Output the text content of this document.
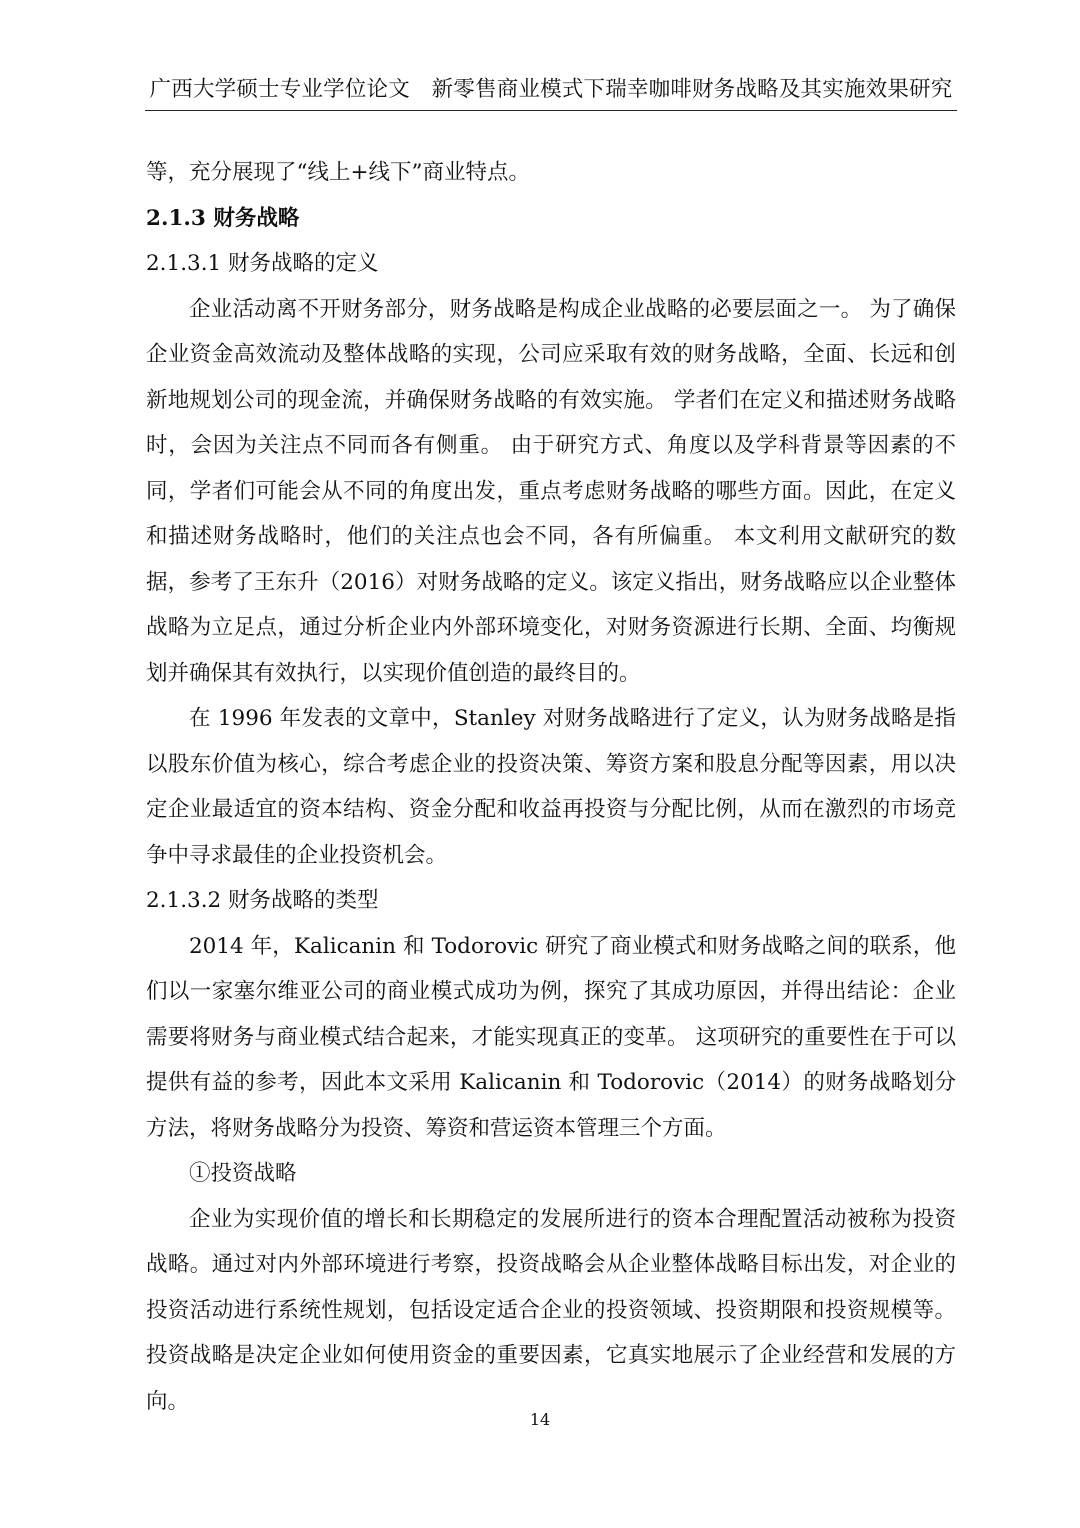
广西大学硕士专业学位论文　新零售商业模式下瑞幸咖啡财务战略及其实施效果研究

等，充分展现了“线上+线下”商业特点。

2.1.3 财务战略

2.1.3.1 财务战略的定义

企业活动离不开财务部分，财务战略是构成企业战略的必要层面之一。 为了确保企业资金高效流动及整体战略的实现，公司应采取有效的财务战略，全面、长远和创新地规划公司的现金流，并确保财务战略的有效实施。 学者们在定义和描述财务战略时，会因为关注点不同而各有侧重。 由于研究方式、角度以及学科背景等因素的不同，学者们可能会从不同的角度出发，重点考虑财务战略的哪些方面。因此，在定义和描述财务战略时，他们的关注点也会不同，各有所偏重。 本文利用文献研究的数据，参考了王东升（2016）对财务战略的定义。该定义指出，财务战略应以企业整体战略为立足点，通过分析企业内外部环境变化，对财务资源进行长期、全面、均衡规划并确保其有效执行，以实现价值创造的最终目的。

在 1996 年发表的文章中，Stanley 对财务战略进行了定义，认为财务战略是指以股东价值为核心，综合考虑企业的投资决策、筹资方案和股息分配等因素，用以决定企业最适宜的资本结构、资金分配和收益再投资与分配比例，从而在激烈的市场竞争中寻求最佳的企业投资机会。

2.1.3.2 财务战略的类型

2014 年，Kalicanin 和 Todorovic 研究了商业模式和财务战略之间的联系，他们以一家塞尔维亚公司的商业模式成功为例，探究了其成功原因，并得出结论：企业需要将财务与商业模式结合起来，才能实现真正的变革。 这项研究的重要性在于可以提供有益的参考，因此本文采用 Kalicanin 和 Todorovic（2014）的财务战略划分方法，将财务战略分为投资、筹资和营运资本管理三个方面。

①投资战略

企业为实现价值的增长和长期稳定的发展所进行的资本合理配置活动被称为投资战略。通过对内外部环境进行考察，投资战略会从企业整体战略目标出发，对企业的投资活动进行系统性规划，包括设定适合企业的投资领域、投资期限和投资规模等。投资战略是决定企业如何使用资金的重要因素，它真实地展示了企业经营和发展的方向。

14
